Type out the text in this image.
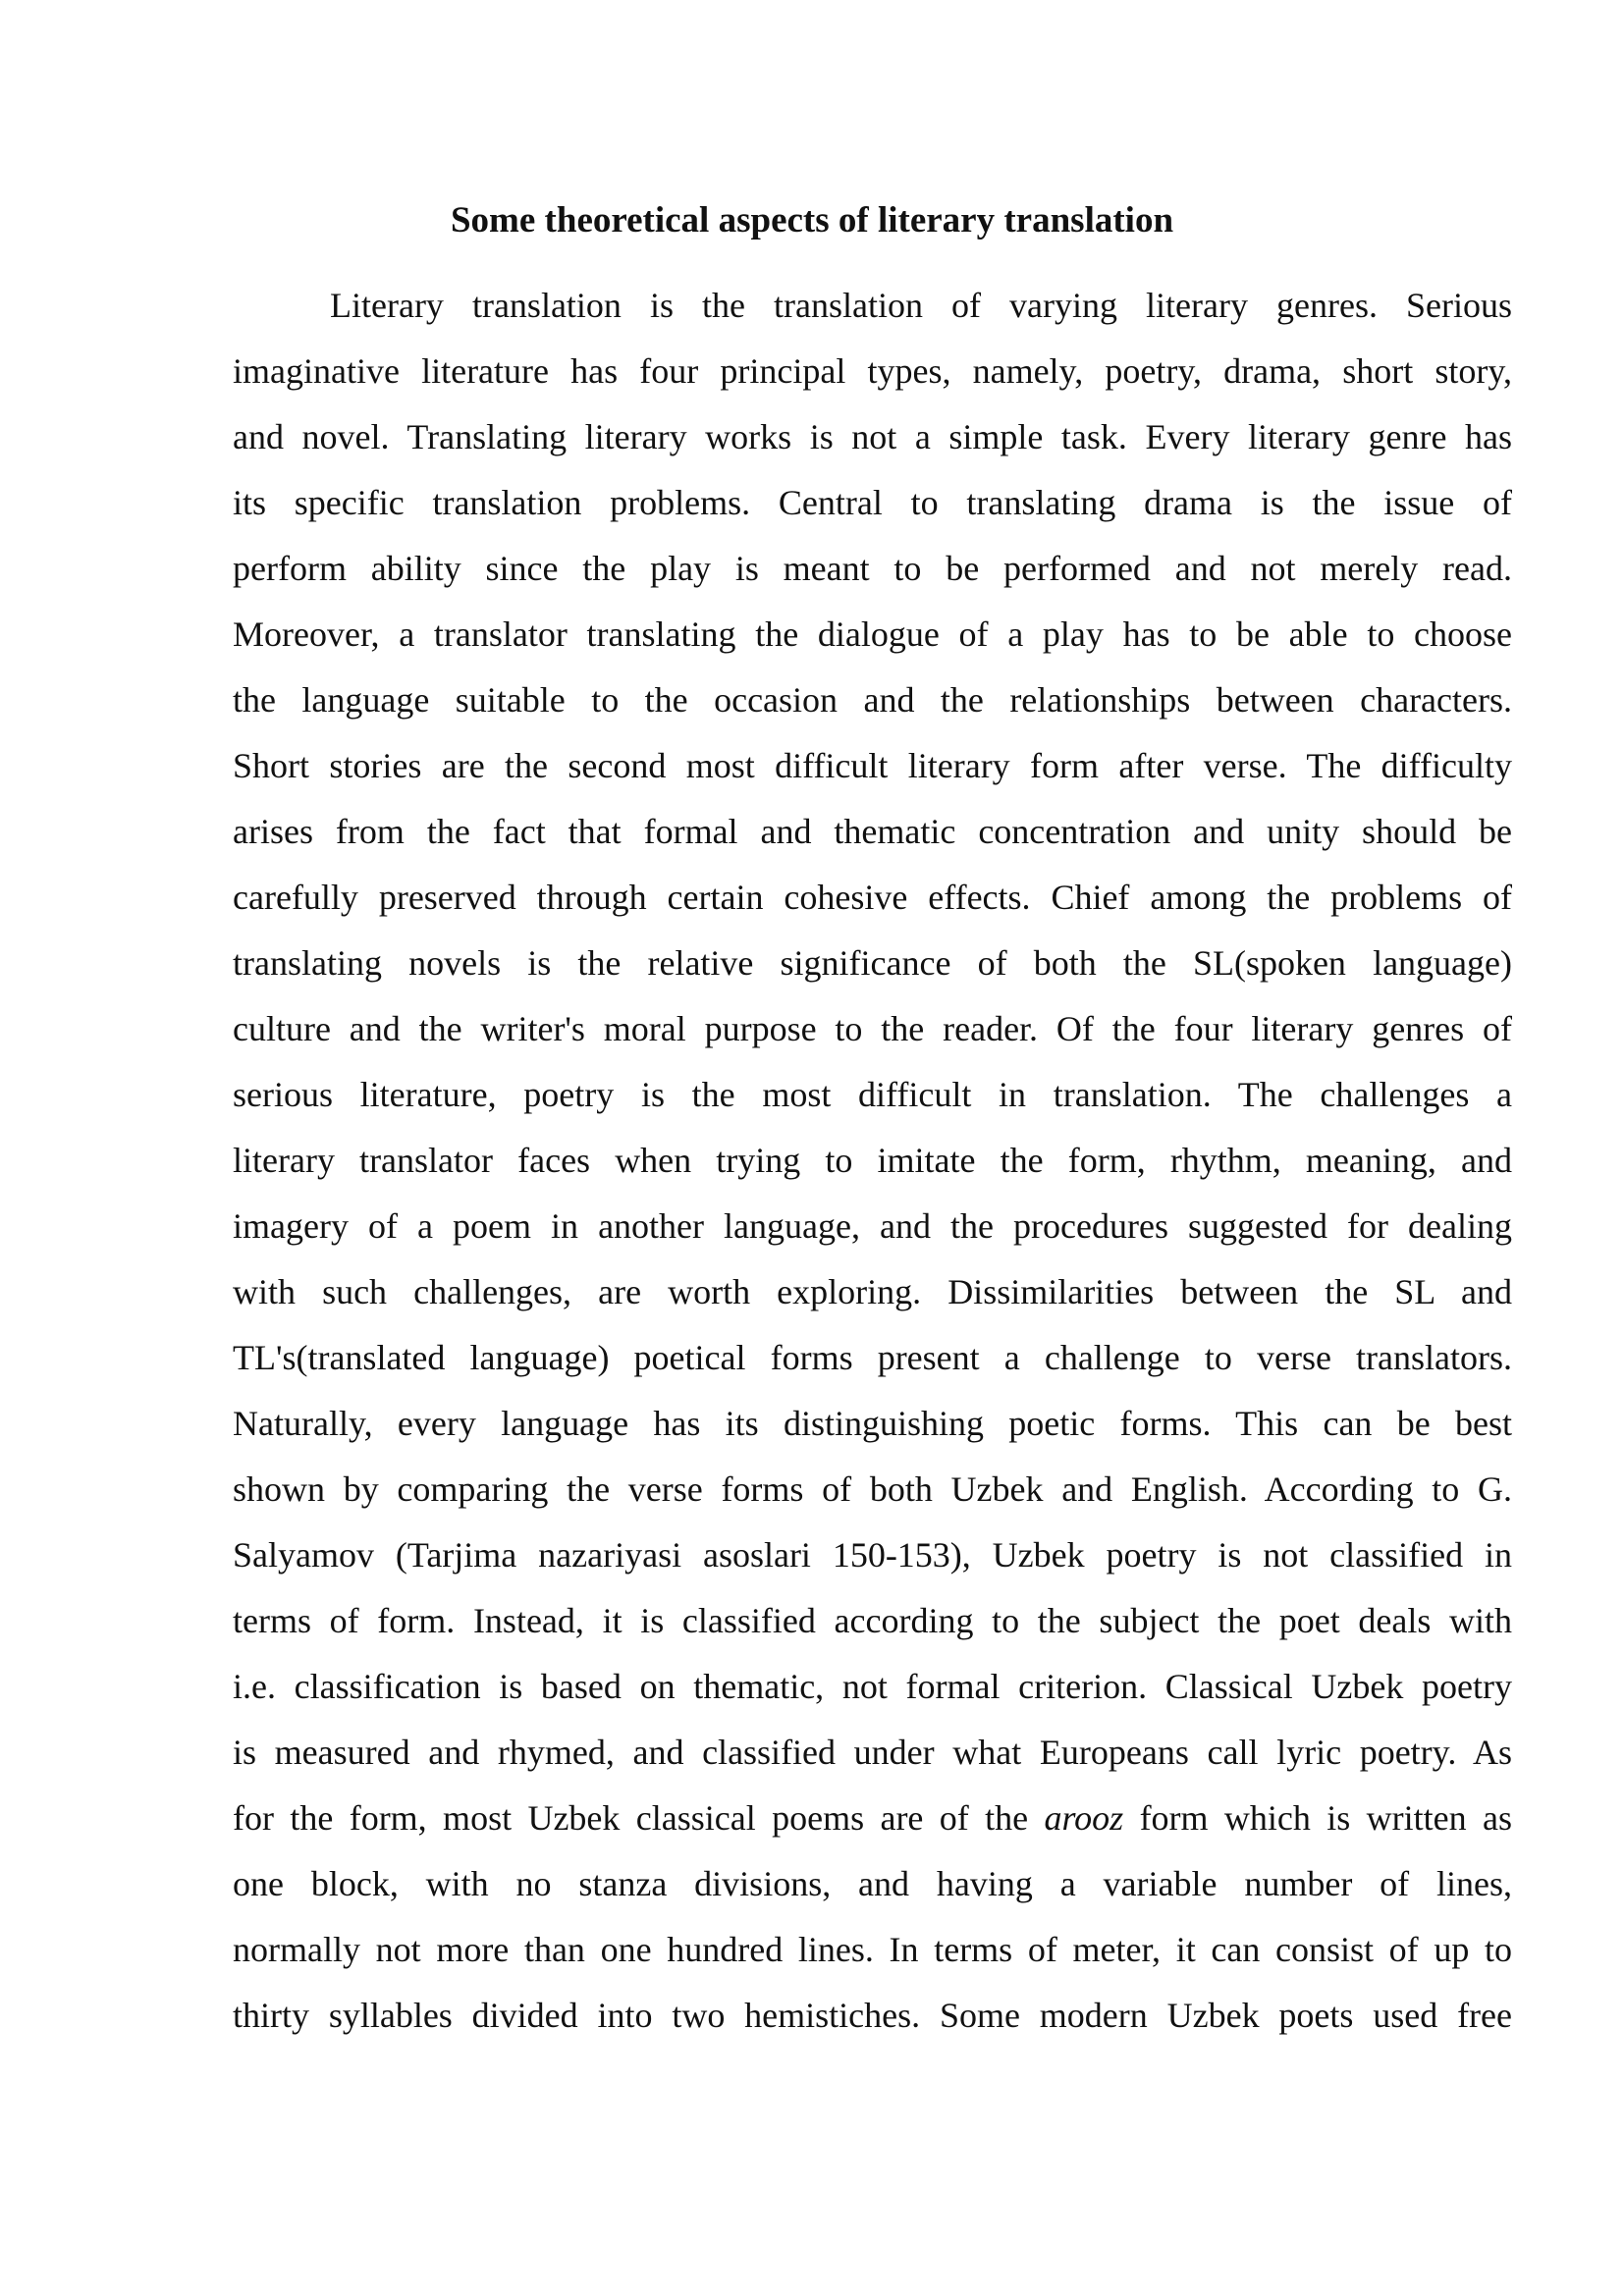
Some theoretical aspects of literary translation
Literary translation is the translation of varying literary genres. Serious
imaginative literature has four principal types, namely, poetry, drama, short story,
and novel. Translating literary works is not a simple task. Every literary genre has
its specific translation problems. Central to translating drama is the issue of
perform ability since the play is meant to be performed and not merely read.
Moreover, a translator translating the dialogue of a play has to be able to choose
the language suitable to the occasion and the relationships between characters.
Short stories are the second most difficult literary form after verse. The difficulty
arises from the fact that formal and thematic concentration and unity should be
carefully preserved through certain cohesive effects. Chief among the problems of
translating novels is the relative significance of both the SL(spoken language)
culture and the writer's moral purpose to the reader. Of the four literary genres of
serious literature, poetry is the most difficult in translation. The challenges a
literary translator faces when trying to imitate the form, rhythm, meaning, and
imagery of a poem in another language, and the procedures suggested for dealing
with such challenges, are worth exploring. Dissimilarities between the SL and
TL's(translated language) poetical forms present a challenge to verse translators.
Naturally, every language has its distinguishing poetic forms. This can be best
shown by comparing the verse forms of both Uzbek and English. According to G.
Salyamov (Tarjima nazariyasi asoslari 150-153), Uzbek poetry is not classified in
terms of form. Instead, it is classified according to the subject the poet deals with
i.e. classification is based on thematic, not formal criterion. Classical Uzbek poetry
is measured and rhymed, and classified under what Europeans call lyric poetry. As
for the form, most Uzbek classical poems are of the arooz form which is written as
one block, with no stanza divisions, and having a variable number of lines,
normally not more than one hundred lines. In terms of meter, it can consist of up to
thirty syllables divided into two hemistiches. Some modern Uzbek poets used free
